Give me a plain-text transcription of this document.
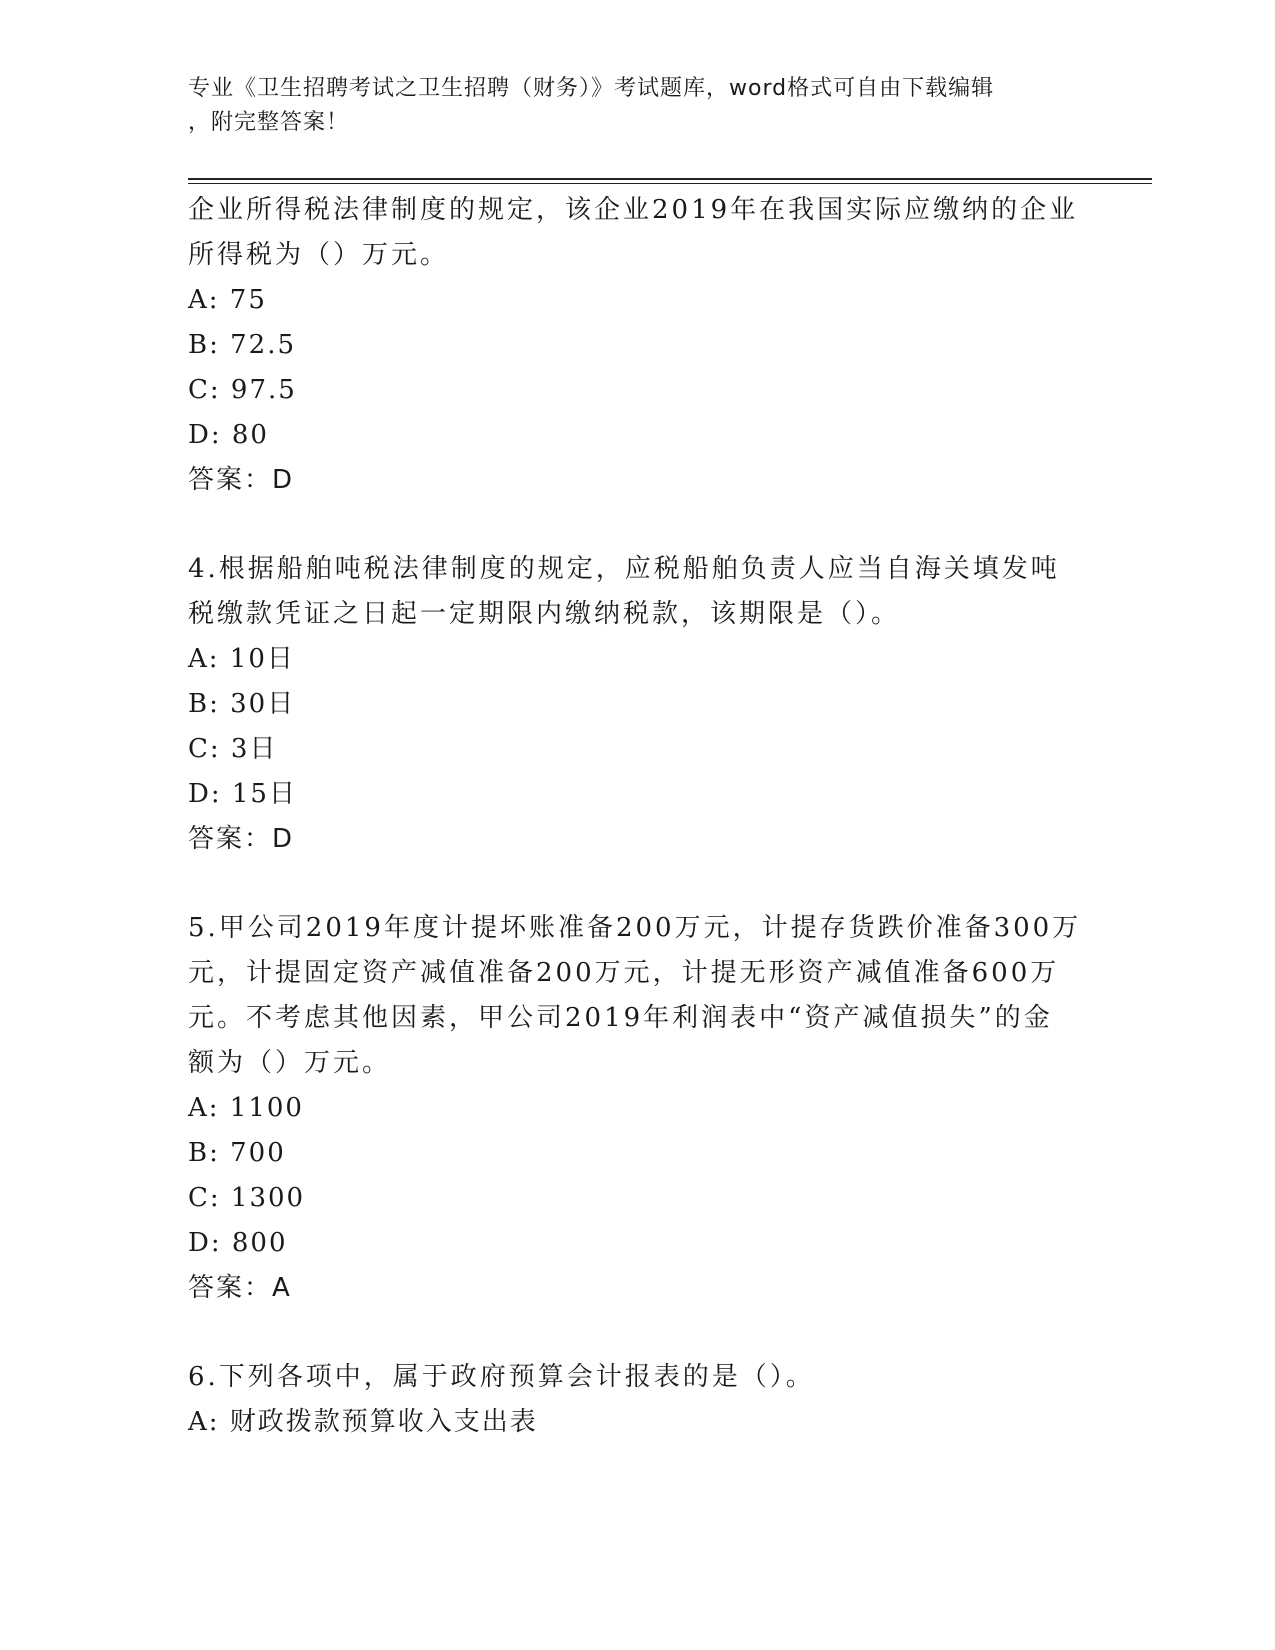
专业《卫生招聘考试之卫生招聘（财务）》考试题库，word格式可自由下载编辑
，附完整答案！

企业所得税法律制度的规定，该企业2019年在我国实际应缴纳的企业

所得税为（）万元。

A: 75

B: 72.5

C: 97.5

D: 80

答案：D

4.根据船舶吨税法律制度的规定，应税船舶负责人应当自海关填发吨

税缴款凭证之日起一定期限内缴纳税款，该期限是（）。

A: 10日

B: 30日

C: 3日

D: 15日

答案：D

5.甲公司2019年度计提坏账准备200万元，计提存货跌价准备300万

元，计提固定资产减值准备200万元，计提无形资产减值准备600万

元。不考虑其他因素，甲公司2019年利润表中“资产减值损失”的金

额为（）万元。

A: 1100

B: 700

C: 1300

D: 800

答案：A

6.下列各项中，属于政府预算会计报表的是（）。

A: 财政拨款预算收入支出表
